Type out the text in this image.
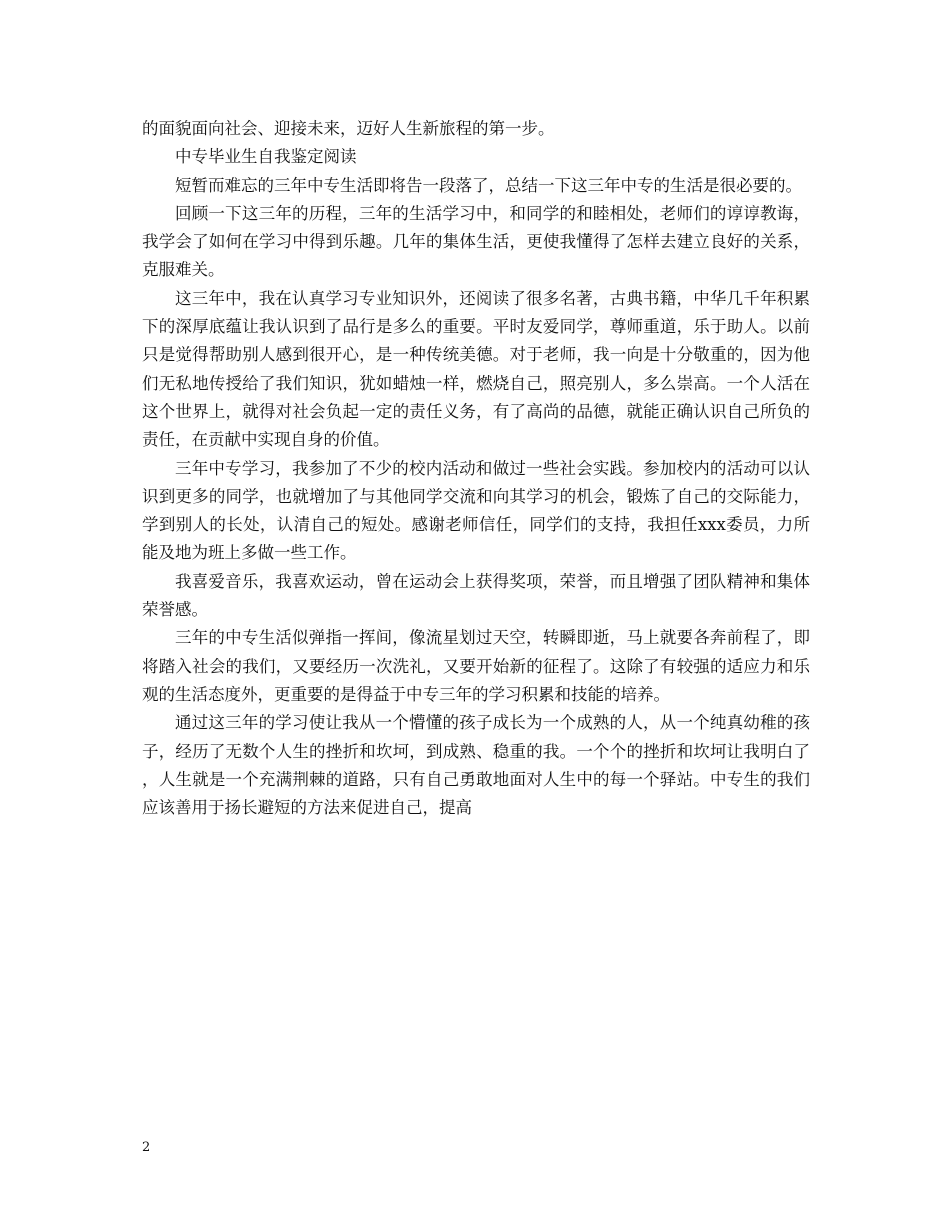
的面貌面向社会、迎接未来，迈好人生新旅程的第一步。

中专毕业生自我鉴定阅读

短暂而难忘的三年中专生活即将告一段落了，总结一下这三年中专的生活是很必要的。

回顾一下这三年的历程，三年的生活学习中，和同学的和睦相处，老师们的谆谆教诲，我学会了如何在学习中得到乐趣。几年的集体生活，更使我懂得了怎样去建立良好的关系，克服难关。

这三年中，我在认真学习专业知识外，还阅读了很多名著，古典书籍，中华几千年积累下的深厚底蕴让我认识到了品行是多么的重要。平时友爱同学，尊师重道，乐于助人。以前只是觉得帮助别人感到很开心，是一种传统美德。对于老师，我一向是十分敬重的，因为他们无私地传授给了我们知识，犹如蜡烛一样，燃烧自己，照亮别人，多么崇高。一个人活在这个世界上，就得对社会负起一定的责任义务，有了高尚的品德，就能正确认识自己所负的责任，在贡献中实现自身的价值。

三年中专学习，我参加了不少的校内活动和做过一些社会实践。参加校内的活动可以认识到更多的同学，也就增加了与其他同学交流和向其学习的机会，锻炼了自己的交际能力，学到别人的长处，认清自己的短处。感谢老师信任，同学们的支持，我担任xxx委员，力所能及地为班上多做一些工作。

我喜爱音乐，我喜欢运动，曾在运动会上获得奖项，荣誉，而且增强了团队精神和集体荣誉感。

三年的中专生活似弹指一挥间，像流星划过天空，转瞬即逝，马上就要各奔前程了，即将踏入社会的我们，又要经历一次洗礼，又要开始新的征程了。这除了有较强的适应力和乐观的生活态度外，更重要的是得益于中专三年的学习积累和技能的培养。

通过这三年的学习使让我从一个懵懂的孩子成长为一个成熟的人，从一个纯真幼稚的孩子，经历了无数个人生的挫折和坎坷，到成熟、稳重的我。一个个的挫折和坎坷让我明白了，人生就是一个充满荆棘的道路，只有自己勇敢地面对人生中的每一个驿站。中专生的我们应该善用于扬长避短的方法来促进自己，提高

2
